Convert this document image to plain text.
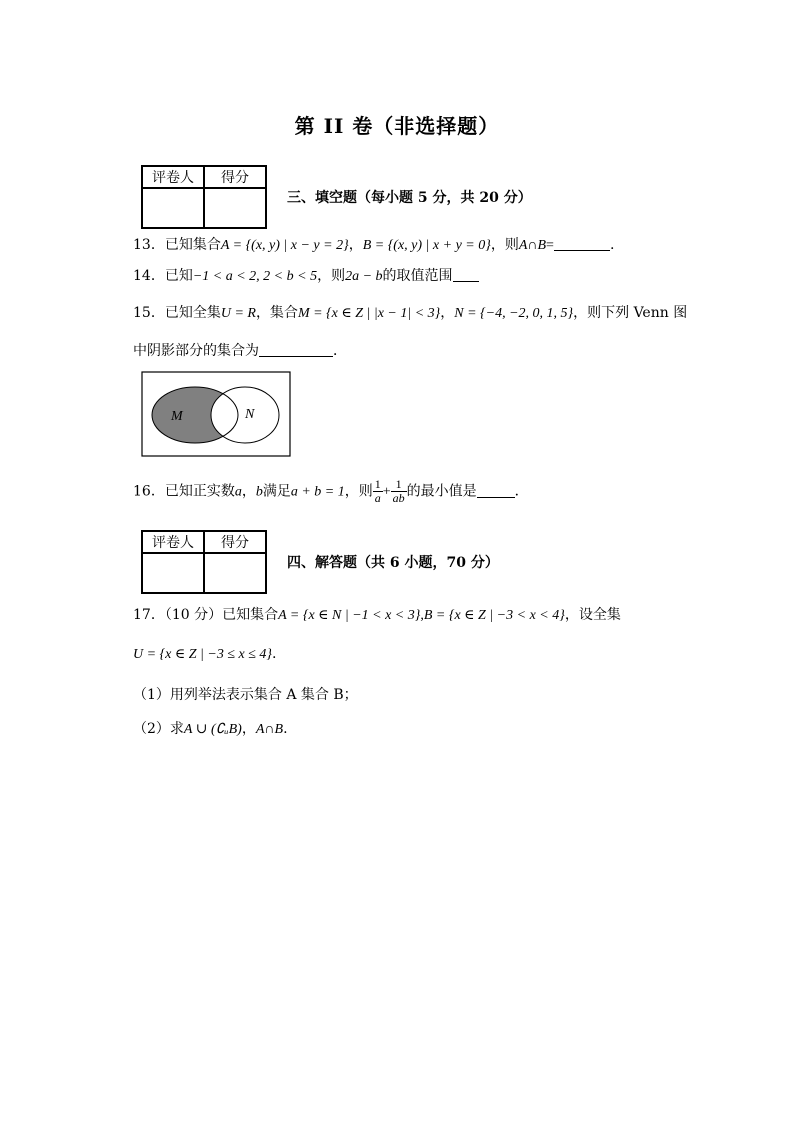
第 II 卷（非选择题）
评卷人	得分

三、填空题（每小题 5 分，共 20 分）
13．已知集合A = {(x, y) | x − y = 2}，B = {(x, y) | x + y = 0}，则A∩B=	.
14．已知−1 < a < 2, 2 < b < 5，则2a − b的取值范围
15．已知全集U = R，集合M = {x ∈ Z | |x − 1| < 3}，N = {−4, −2, 0, 1, 5}，则下列 Venn 图
中阴影部分的集合为	．
M	N
16．已知正实数a，b满足a + b = 1，则 $\frac{1}{a} + \frac{1}{ab}$ 的最小值是	．
评卷人	得分

四、解答题（共 6 小题，70 分）
17．（10 分）已知集合A = {x ∈ N | −1 < x < 3},B = {x ∈ Z | −3 < x < 4}，设全集
U = {x ∈ Z | −3 ≤ x ≤ 4}.
（1）用列举法表示集合 A 集合 B；
（2）求A ∪ (∁ᵤB)，A∩B.
